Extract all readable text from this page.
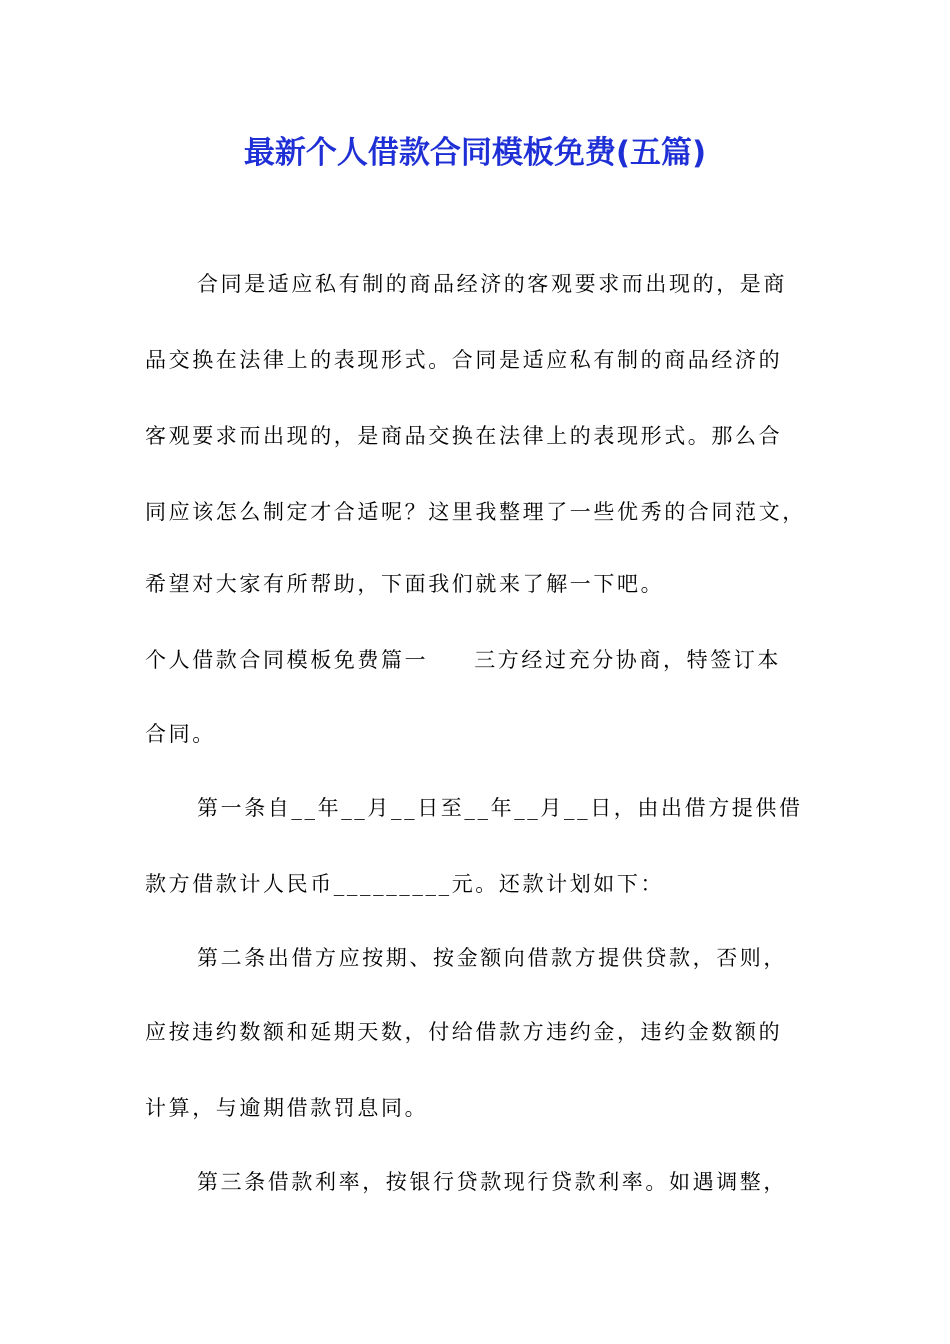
最新个人借款合同模板免费(五篇)
合同是适应私有制的商品经济的客观要求而出现的，是商
品交换在法律上的表现形式。合同是适应私有制的商品经济的
客观要求而出现的，是商品交换在法律上的表现形式。那么合
同应该怎么制定才合适呢？这里我整理了一些优秀的合同范文，
希望对大家有所帮助，下面我们就来了解一下吧。
个人借款合同模板免费篇一 三方经过充分协商，特签订本
合同。
第一条自__年__月__日至__年__月__日，由出借方提供借
款方借款计人民币_________元。还款计划如下：
第二条出借方应按期、按金额向借款方提供贷款，否则，
应按违约数额和延期天数，付给借款方违约金，违约金数额的
计算，与逾期借款罚息同。
第三条借款利率，按银行贷款现行贷款利率。如遇调整，
